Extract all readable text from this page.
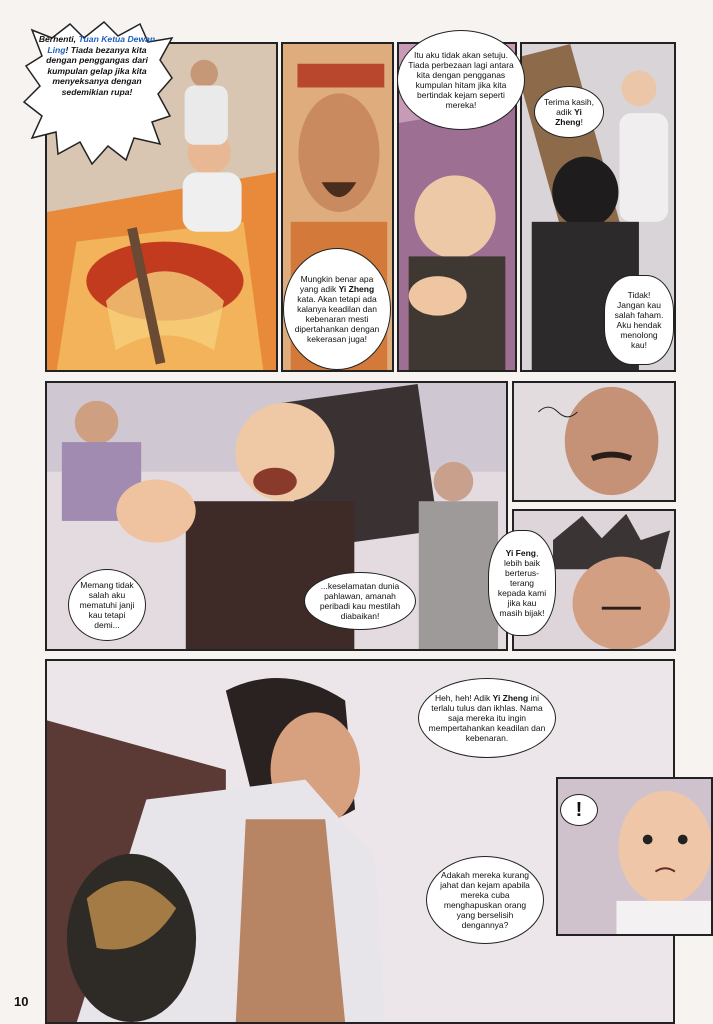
Berhenti, Tuan Ketua Dewan Ling! Tiada bezanya kita dengan penggangas dari kumpulan gelap jika kita menyeksanya dengan sedemikian rupa!
Mungkin benar apa yang adik Yi Zheng kata. Akan tetapi ada kalanya keadilan dan kebenaran mesti dipertahankan dengan kekerasan juga!
Itu aku tidak akan setuju. Tiada perbezaan lagi antara kita dengan pengganas kumpulan hitam jika kita bertindak kejam seperti mereka!	Terima kasih, adik Yi Zheng!
Tidak! Jangan kau salah faham. Aku hendak menolong kau!
Memang tidak salah aku mematuhi janji kau tetapi demi...
...keselamatan dunia pahlawan, amanah peribadi kau mestilah diabaikan!
Yi Feng, lebih baik berterus-terang kepada kami jika kau masih bijak!
Heh, heh! Adik Yi Zheng ini terlalu tulus dan ikhlas. Nama saja mereka itu ingin mempertahankan keadilan dan kebenaran.
Adakah mereka kurang jahat dan kejam apabila mereka cuba menghapuskan orang yang berselisih dengannya?
!
10
